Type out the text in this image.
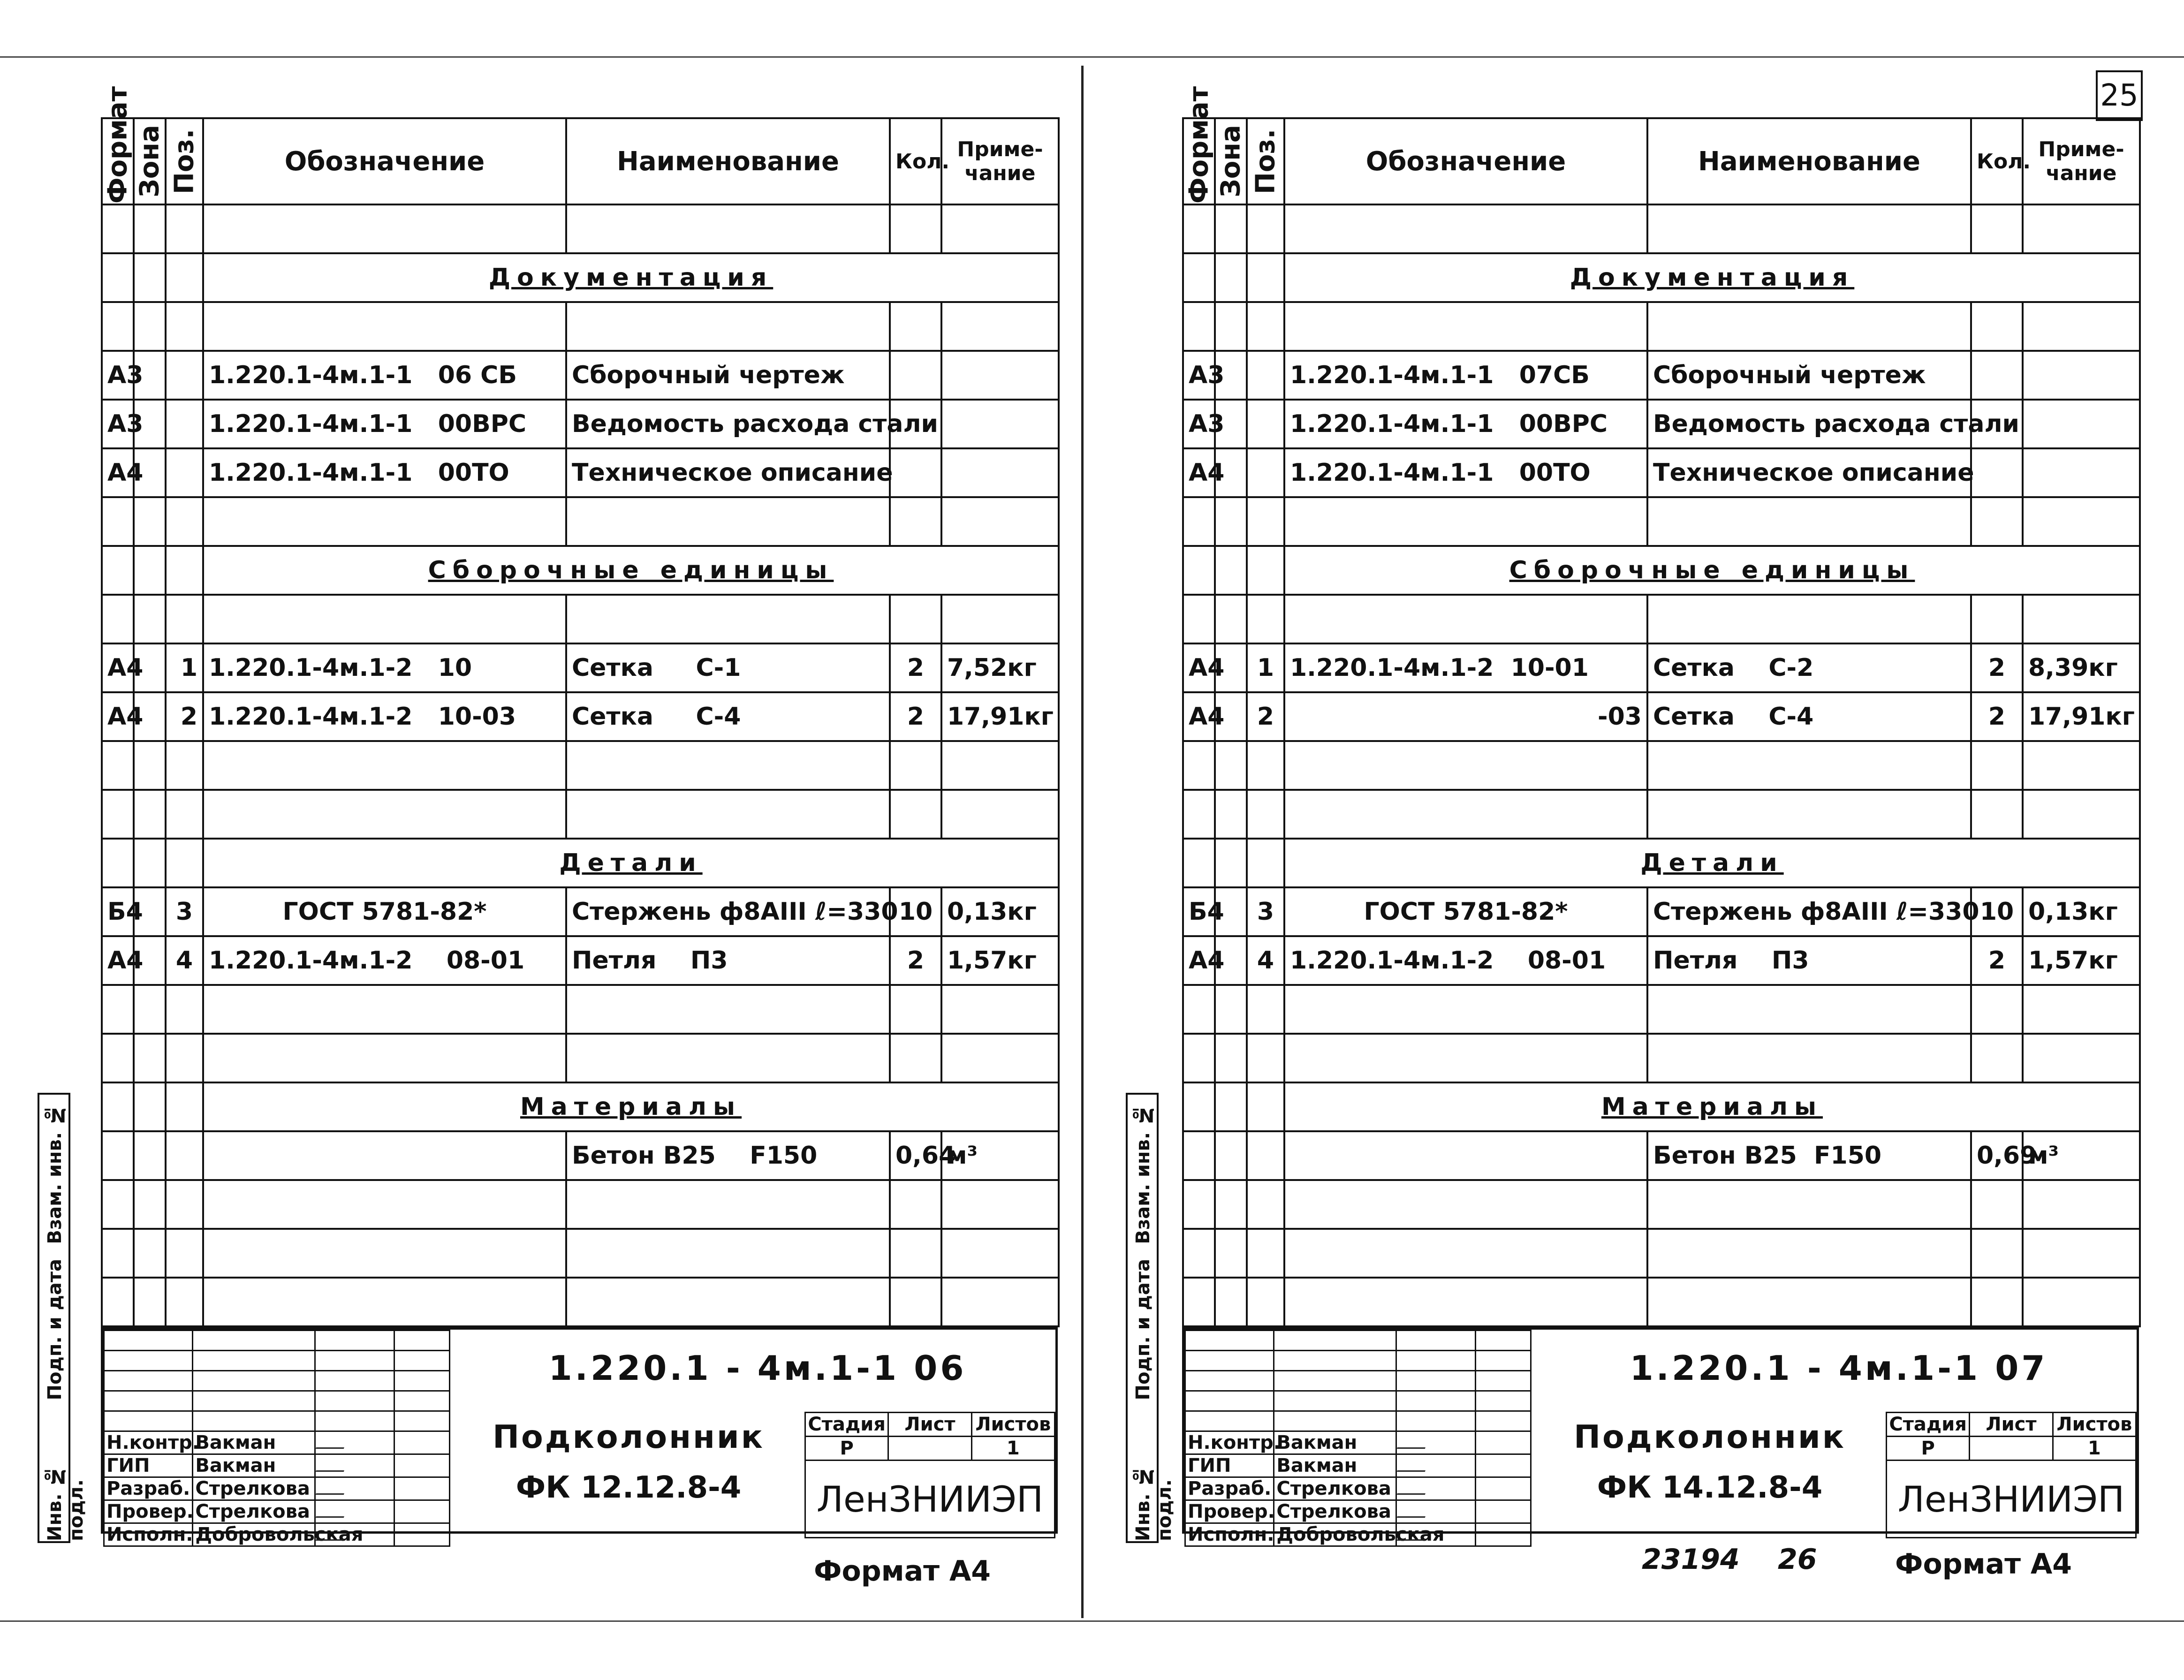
25
Взам. инв. №
Подп. и дата
Инв. № подл.
Формат	Зона	Поз.	Обозначение	Наименование	Кол.	Приме-чание

			Документация			

А3			1.220.1-4м.1-1 06 СБ	Сборочный чертеж		
А3			1.220.1-4м.1-1 00ВРС	Ведомость расхода стали		
А4			1.220.1-4м.1-1 00ТО	Техническое описание		

			Сборочные единицы			

А4		1	1.220.1-4м.1-2 10	Сетка С-1	2	7,52кг
А4		2	1.220.1-4м.1-2 10-03	Сетка С-4	2	17,91кг

			Детали			
Б4		3	ГОСТ 5781-82*	Стержень ф8АIII ℓ=330	10	0,13кг
А4		4	1.220.1-4м.1-2 08-01	Петля П3	2	1,57кг

			Материалы			
				Бетон В25 F150	0,64	м³

Н.контр.	Вакман		
ГИП	Вакман		
Разраб.	Стрелкова		
Провер.	Стрелкова		
Исполн.	Добровольская		
1.220.1 - 4м.1-1 06
Подколонник
ФК 12.12.8-4
Стадия	Лист	Листов
Р		1
ЛенЗНИИЭП		
Формат А4
Взам. инв. №
Подп. и дата
Инв. № подл.
Формат	Зона	Поз.	Обозначение	Наименование	Кол.	Приме-чание

			Документация			

А3			1.220.1-4м.1-1 07СБ	Сборочный чертеж		
А3			1.220.1-4м.1-1 00ВРС	Ведомость расхода стали		
А4			1.220.1-4м.1-1 00ТО	Техническое описание		

			Сборочные единицы			

А4		1	1.220.1-4м.1-2 10-01	Сетка С-2	2	8,39кг
А4		2	-03	Сетка С-4	2	17,91кг

			Детали			
Б4		3	ГОСТ 5781-82*	Стержень ф8АIII ℓ=330	10	0,13кг
А4		4	1.220.1-4м.1-2 08-01	Петля П3	2	1,57кг

			Материалы			
				Бетон В25 F150	0,69	м³

Н.контр.	Вакман		
ГИП	Вакман		
Разраб.	Стрелкова		
Провер.	Стрелкова		
Исполн.	Добровольская		
1.220.1 - 4м.1-1 07
Подколонник
ФК 14.12.8-4
Стадия	Лист	Листов
Р		1
ЛенЗНИИЭП		
23194 26	Формат А4
